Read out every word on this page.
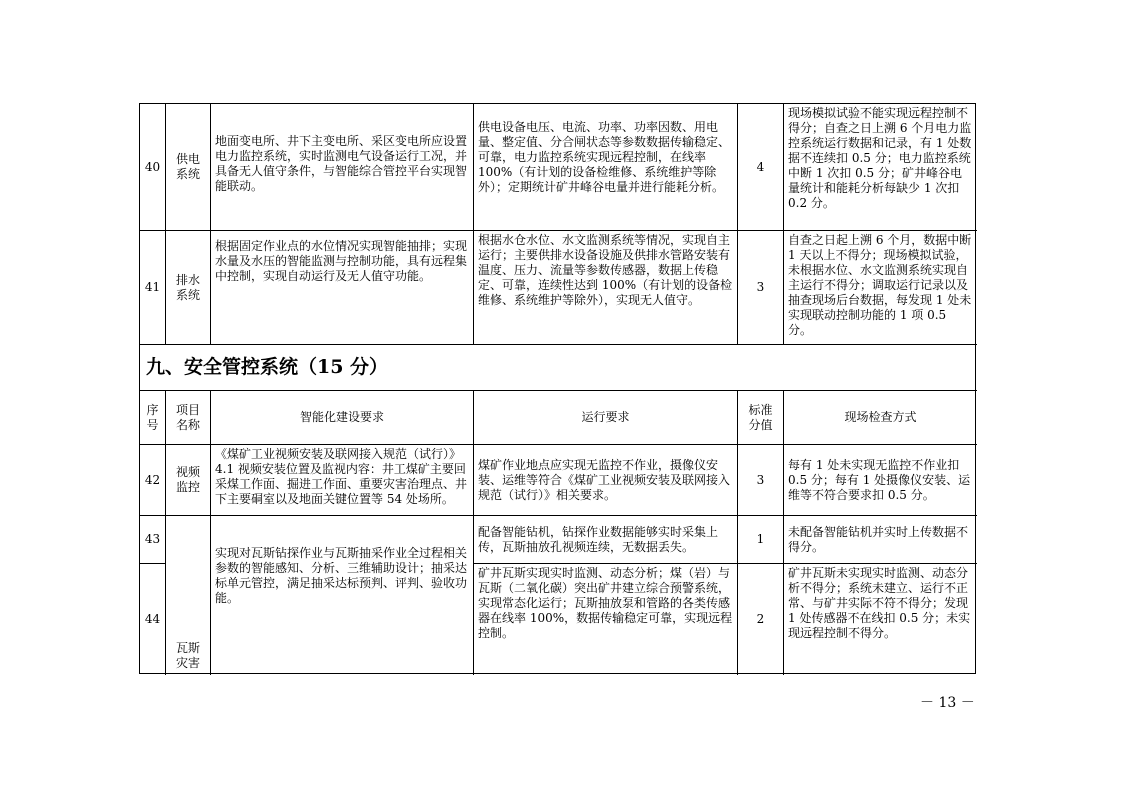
40
供电
系统
地面变电所、井下主变电所、采区变电所应设置电力监控系统，实时监测电气设备运行工况，并具备无人值守条件，与智能综合管控平台实现智能联动。
供电设备电压、电流、功率、功率因数、用电量、整定值、分合闸状态等参数数据传输稳定、可靠，电力监控系统实现远程控制，在线率 100%（有计划的设备检维修、系统维护等除外）；定期统计矿井峰谷电量并进行能耗分析。
4
现场模拟试验不能实现远程控制不得分；自查之日上溯 6 个月电力监控系统运行数据和记录，有 1 处数据不连续扣 0.5 分；电力监控系统中断 1 次扣 0.5 分；矿井峰谷电量统计和能耗分析每缺少 1 次扣 0.2 分。
41
排水
系统
根据固定作业点的水位情况实现智能抽排；实现水量及水压的智能监测与控制功能，具有远程集中控制，实现自动运行及无人值守功能。
根据水仓水位、水文监测系统等情况，实现自主运行；主要供排水设备设施及供排水管路安装有温度、压力、流量等参数传感器，数据上传稳定、可靠，连续性达到 100%（有计划的设备检维修、系统维护等除外），实现无人值守。
3
自查之日起上溯 6 个月，数据中断 1 天以上不得分；现场模拟试验，未根据水位、水文监测系统实现自主运行不得分；调取运行记录以及抽查现场后台数据，每发现 1 处未实现联动控制功能的 1 项 0.5 分。
九、安全管控系统（15 分）
序
号
项目
名称
智能化建设要求	运行要求
标准
分值
现场检查方式
42
视频
监控
《煤矿工业视频安装及联网接入规范（试行）》4.1 视频安装位置及监视内容：井工煤矿主要回采煤工作面、掘进工作面、重要灾害治理点、井下主要硐室以及地面关键位置等 54 处场所。
煤矿作业地点应实现无监控不作业，摄像仪安装、运维等符合《煤矿工业视频安装及联网接入规范（试行）》相关要求。
3
每有 1 处未实现无监控不作业扣 0.5 分；每有 1 处摄像仪安装、运维等不符合要求扣 0.5 分。
43
瓦斯
灾害
实现对瓦斯钻探作业与瓦斯抽采作业全过程相关参数的智能感知、分析、三维辅助设计；抽采达标单元管控，满足抽采达标预判、评判、验收功能。
配备智能钻机，钻探作业数据能够实时采集上传，瓦斯抽放孔视频连续，无数据丢失。
1
未配备智能钻机并实时上传数据不得分。
44
矿井瓦斯实现实时监测、动态分析；煤（岩）与瓦斯（二氧化碳）突出矿井建立综合预警系统，实现常态化运行；瓦斯抽放泵和管路的各类传感器在线率 100%，数据传输稳定可靠，实现远程控制。
2
矿井瓦斯未实现实时监测、动态分析不得分；系统未建立、运行不正常、与矿井实际不符不得分；发现 1 处传感器不在线扣 0.5 分；未实现远程控制不得分。
－ 13 －
